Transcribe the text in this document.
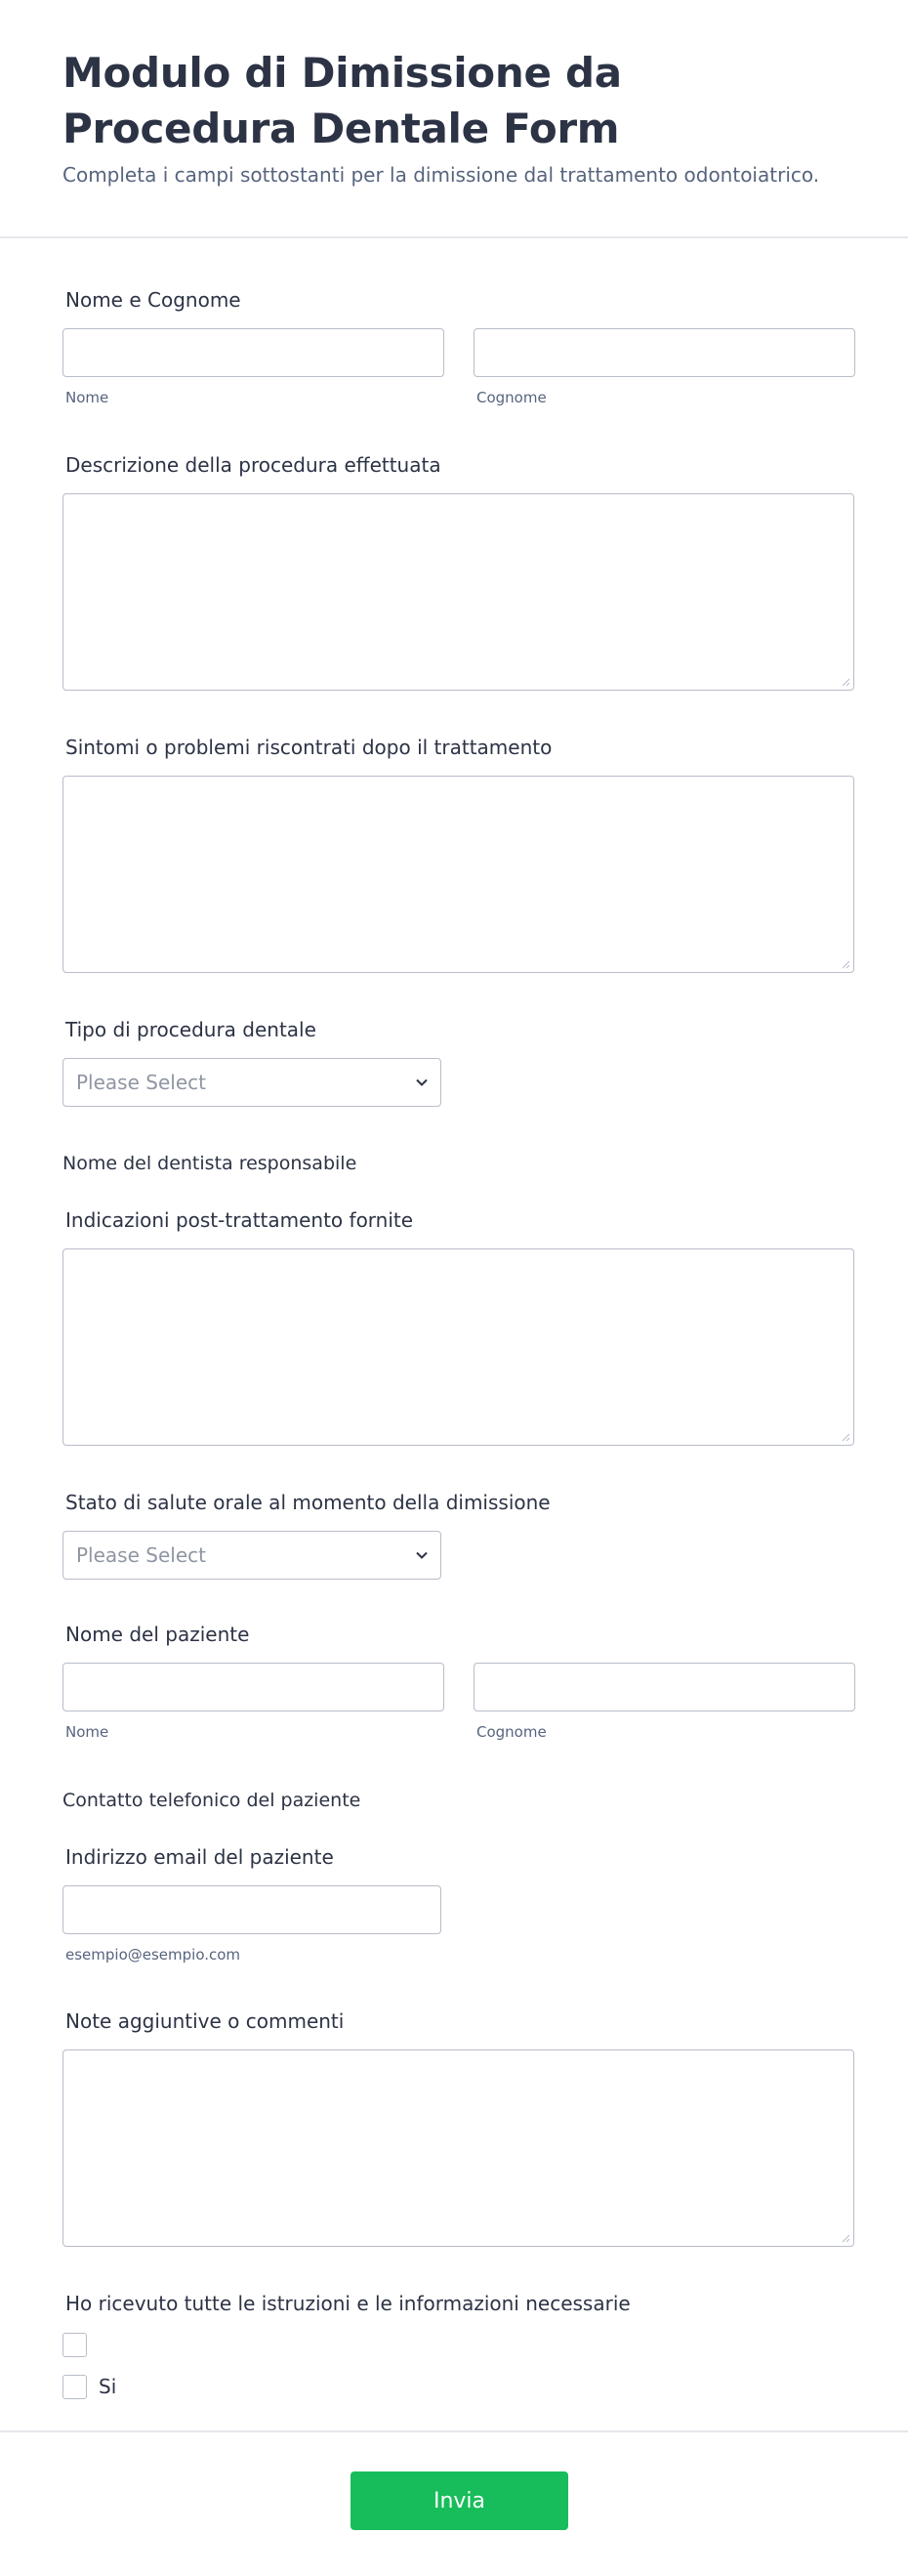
Modulo di Dimissione da Procedura Dentale Form
Completa i campi sottostanti per la dimissione dal trattamento odontoiatrico.
Nome e Cognome
Nome	Cognome
Descrizione della procedura effettuata
Sintomi o problemi riscontrati dopo il trattamento
Tipo di procedura dentale
Please Select
Nome del dentista responsabile
Indicazioni post-trattamento fornite
Stato di salute orale al momento della dimissione
Please Select
Nome del paziente
Nome	Cognome
Contatto telefonico del paziente
Indirizzo email del paziente
esempio@esempio.com
Note aggiuntive o commenti
Ho ricevuto tutte le istruzioni e le informazioni necessarie
Si
Invia
